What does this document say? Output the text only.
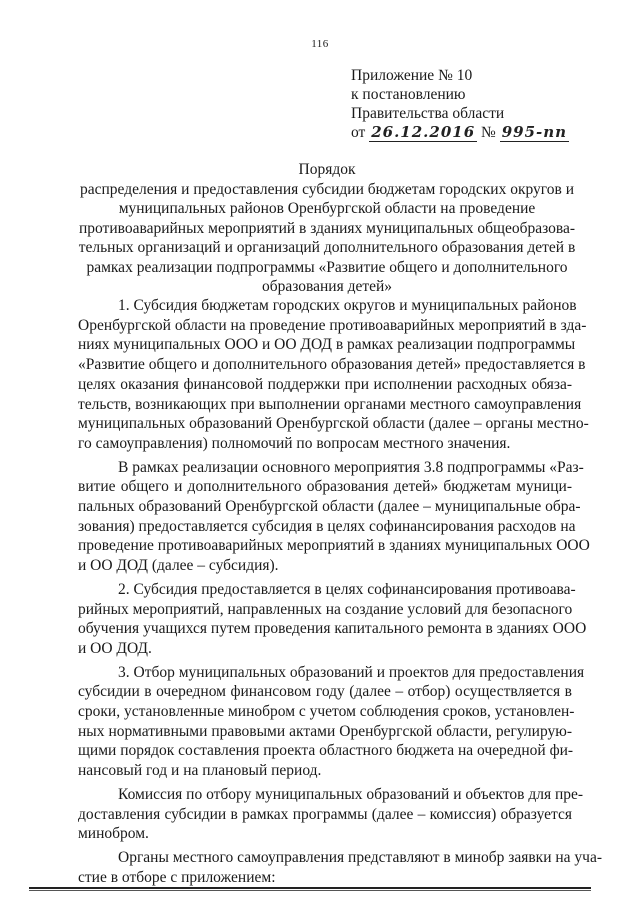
116
Приложение № 10
к постановлению
Правительства области
от 26.12.2016 № 995-пп
Порядок
распределения и предоставления субсидии бюджетам городских округов и
муниципальных районов Оренбургской области на проведение
противоаварийных мероприятий в зданиях муниципальных общеобразова-
тельных организаций и организаций дополнительного образования детей в
рамках реализации подпрограммы «Развитие общего и дополнительного
образования детей»
1. Субсидия бюджетам городских округов и муниципальных районов
Оренбургской области на проведение противоаварийных мероприятий в зда-
ниях муниципальных ООО и ОО ДОД в рамках реализации подпрограммы
«Развитие общего и дополнительного образования детей» предоставляется в
целях оказания финансовой поддержки при исполнении расходных обяза-
тельств, возникающих при выполнении органами местного самоуправления
муниципальных образований Оренбургской области (далее – органы местно-
го самоуправления) полномочий по вопросам местного значения.
В рамках реализации основного мероприятия 3.8 подпрограммы «Раз-
витие общего и дополнительного образования детей» бюджетам муници-
пальных образований Оренбургской области (далее – муниципальные обра-
зования) предоставляется субсидия в целях софинансирования расходов на
проведение противоаварийных мероприятий в зданиях муниципальных ООО
и ОО ДОД (далее – субсидия).
2. Субсидия предоставляется в целях софинансирования противоава-
рийных мероприятий, направленных на создание условий для безопасного
обучения учащихся путем проведения капитального ремонта в зданиях ООО
и ОО ДОД.
3. Отбор муниципальных образований и проектов для предоставления
субсидии в очередном финансовом году (далее – отбор) осуществляется в
сроки, установленные минобром с учетом соблюдения сроков, установлен-
ных нормативными правовыми актами Оренбургской области, регулирую-
щими порядок составления проекта областного бюджета на очередной фи-
нансовый год и на плановый период.
Комиссия по отбору муниципальных образований и объектов для пре-
доставления субсидии в рамках программы (далее – комиссия) образуется
минобром.
Органы местного самоуправления представляют в минобр заявки на уча-
стие в отборе с приложением:
